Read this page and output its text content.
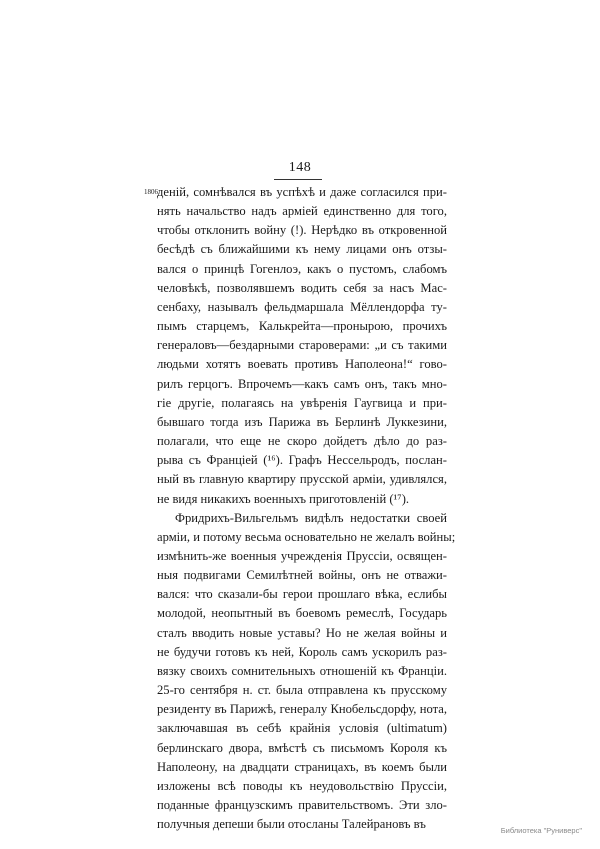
148
1806.
деній, сомнѣвался въ успѣхѣ и даже согласился при-
нять начальство надъ арміей единственно для того,
чтобы отклонить войну (!). Нерѣдко въ откровенной
бесѣдѣ съ ближайшими къ нему лицами онъ отзы-
вался о принцѣ Гогенлоэ, какъ о пустомъ, слабомъ
человѣкѣ, позволявшемъ водить себя за насъ Мас-
сенбаху, называлъ фельдмаршала Мёллендорфа ту-
пымъ старцемъ, Калькрейта—пронырою, прочихъ
генераловъ—бездарными староверами: „и съ такими
людьми хотятъ воевать противъ Наполеона!“ гово-
рилъ герцогъ. Впрочемъ—какъ самъ онъ, такъ мно-
гіе другіе, полагаясь на увѣренія Гаугвица и при-
бывшаго тогда изъ Парижа въ Берлинѣ Луккезини,
полагали, что еще не скоро дойдетъ дѣло до раз-
рыва съ Франціей (¹⁶). Графъ Нессельродъ, послан-
ный въ главную квартиру прусской арміи, удивлялся,
не видя никакихъ военныхъ приготовленій (¹⁷).
Фридрихъ-Вильгельмъ видѣлъ недостатки своей
арміи, и потому весьма основательно не желалъ войны;
измѣнить-же военныя учрежденія Пруссіи, освящен-
ныя подвигами Семилѣтней войны, онъ не отважи-
вался: что сказали-бы герои прошлаго вѣка, еслибы
молодой, неопытный въ боевомъ ремеслѣ, Государь
сталъ вводить новые уставы? Но не желая войны и
не будучи готовъ къ ней, Король самъ ускорилъ раз-
вязку своихъ сомнительныхъ отношеній къ Франціи.
25-го сентября н. ст. была отправлена къ прусскому
резиденту въ Парижѣ, генералу Кнобельсдорфу, нота,
заключавшая въ себѣ крайнія условія (ultimatum)
берлинскаго двора, вмѣстѣ съ письмомъ Короля къ
Наполеону, на двадцати страницахъ, въ коемъ были
изложены всѣ поводы къ неудовольствію Пруссіи,
поданные французскимъ правительствомъ. Эти зло-
получныя депеши были отосланы Талейрановъ въ	Библиотека "Руниверс"
